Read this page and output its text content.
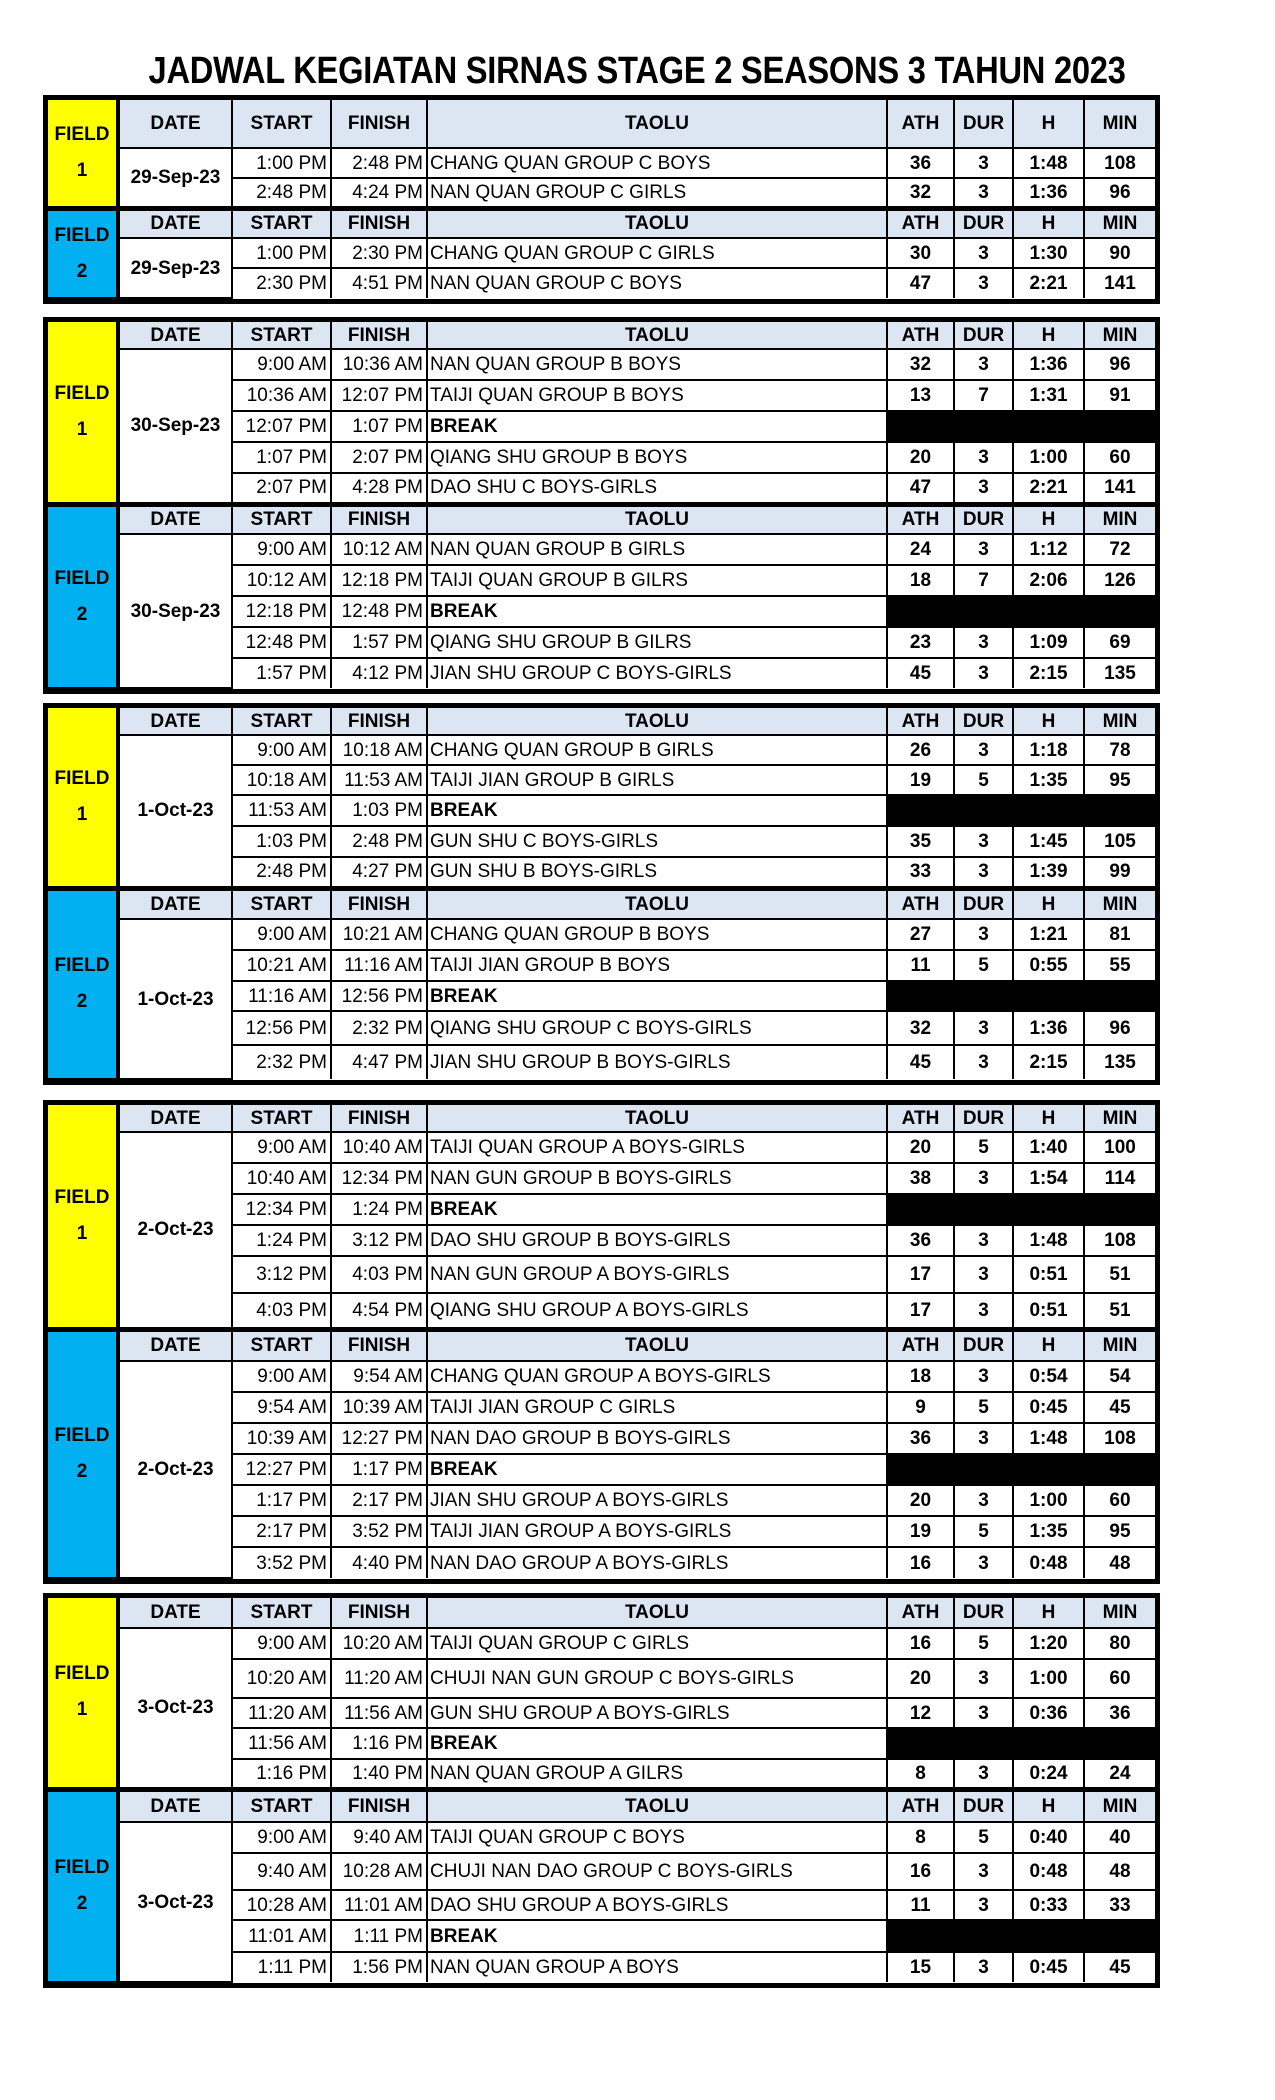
JADWAL KEGIATAN SIRNAS STAGE 2 SEASONS 3 TAHUN 2023
FIELD
1	DATE	START	FINISH	TAOLU	ATH	DUR	H	MIN
	29-Sep-23	1:00 PM	2:48 PM	CHANG QUAN GROUP C BOYS	36	3	1:48	108
		2:48 PM	4:24 PM	NAN QUAN GROUP C GIRLS	32	3	1:36	96

FIELD
2	DATE	START	FINISH	TAOLU	ATH	DUR	H	MIN
	29-Sep-23	1:00 PM	2:30 PM	CHANG QUAN GROUP C GIRLS	30	3	1:30	90
		2:30 PM	4:51 PM	NAN QUAN GROUP C BOYS	47	3	2:21	141
FIELD
1	DATE	START	FINISH	TAOLU	ATH	DUR	H	MIN
	30-Sep-23	9:00 AM	10:36 AM	NAN QUAN GROUP B BOYS	32	3	1:36	96
		10:36 AM	12:07 PM	TAIJI QUAN GROUP B BOYS	13	7	1:31	91
		12:07 PM	1:07 PM	BREAK				
		1:07 PM	2:07 PM	QIANG SHU GROUP B BOYS	20	3	1:00	60
		2:07 PM	4:28 PM	DAO SHU C BOYS-GIRLS	47	3	2:21	141

FIELD
2	DATE	START	FINISH	TAOLU	ATH	DUR	H	MIN
	30-Sep-23	9:00 AM	10:12 AM	NAN QUAN GROUP B GIRLS	24	3	1:12	72
		10:12 AM	12:18 PM	TAIJI QUAN GROUP B GILRS	18	7	2:06	126
		12:18 PM	12:48 PM	BREAK				
		12:48 PM	1:57 PM	QIANG SHU GROUP B GILRS	23	3	1:09	69
		1:57 PM	4:12 PM	JIAN SHU GROUP C BOYS-GIRLS	45	3	2:15	135
FIELD
1	DATE	START	FINISH	TAOLU	ATH	DUR	H	MIN
	1-Oct-23	9:00 AM	10:18 AM	CHANG QUAN GROUP B GIRLS	26	3	1:18	78
		10:18 AM	11:53 AM	TAIJI JIAN GROUP B GIRLS	19	5	1:35	95
		11:53 AM	1:03 PM	BREAK				
		1:03 PM	2:48 PM	GUN SHU C BOYS-GIRLS	35	3	1:45	105
		2:48 PM	4:27 PM	GUN SHU B BOYS-GIRLS	33	3	1:39	99

FIELD
2	DATE	START	FINISH	TAOLU	ATH	DUR	H	MIN
	1-Oct-23	9:00 AM	10:21 AM	CHANG QUAN GROUP B BOYS	27	3	1:21	81
		10:21 AM	11:16 AM	TAIJI JIAN GROUP B BOYS	11	5	0:55	55
		11:16 AM	12:56 PM	BREAK				
		12:56 PM	2:32 PM	QIANG SHU GROUP C BOYS-GIRLS	32	3	1:36	96
		2:32 PM	4:47 PM	JIAN SHU GROUP B BOYS-GIRLS	45	3	2:15	135
FIELD
1	DATE	START	FINISH	TAOLU	ATH	DUR	H	MIN
	2-Oct-23	9:00 AM	10:40 AM	TAIJI QUAN GROUP A BOYS-GIRLS	20	5	1:40	100
		10:40 AM	12:34 PM	NAN GUN GROUP B BOYS-GIRLS	38	3	1:54	114
		12:34 PM	1:24 PM	BREAK				
		1:24 PM	3:12 PM	DAO SHU GROUP B BOYS-GIRLS	36	3	1:48	108
		3:12 PM	4:03 PM	NAN GUN GROUP A BOYS-GIRLS	17	3	0:51	51
		4:03 PM	4:54 PM	QIANG SHU GROUP A BOYS-GIRLS	17	3	0:51	51

FIELD
2	DATE	START	FINISH	TAOLU	ATH	DUR	H	MIN
	2-Oct-23	9:00 AM	9:54 AM	CHANG QUAN GROUP A BOYS-GIRLS	18	3	0:54	54
		9:54 AM	10:39 AM	TAIJI JIAN GROUP C GIRLS	9	5	0:45	45
		10:39 AM	12:27 PM	NAN DAO GROUP B BOYS-GIRLS	36	3	1:48	108
		12:27 PM	1:17 PM	BREAK				
		1:17 PM	2:17 PM	JIAN SHU GROUP A BOYS-GIRLS	20	3	1:00	60
		2:17 PM	3:52 PM	TAIJI JIAN GROUP A BOYS-GIRLS	19	5	1:35	95
		3:52 PM	4:40 PM	NAN DAO GROUP A BOYS-GIRLS	16	3	0:48	48
FIELD
1	DATE	START	FINISH	TAOLU	ATH	DUR	H	MIN
	3-Oct-23	9:00 AM	10:20 AM	TAIJI QUAN GROUP C GIRLS	16	5	1:20	80
		10:20 AM	11:20 AM	CHUJI NAN GUN GROUP C BOYS-GIRLS	20	3	1:00	60
		11:20 AM	11:56 AM	GUN SHU GROUP A BOYS-GIRLS	12	3	0:36	36
		11:56 AM	1:16 PM	BREAK				
		1:16 PM	1:40 PM	NAN QUAN GROUP A GILRS	8	3	0:24	24

FIELD
2	DATE	START	FINISH	TAOLU	ATH	DUR	H	MIN
	3-Oct-23	9:00 AM	9:40 AM	TAIJI QUAN GROUP C BOYS	8	5	0:40	40
		9:40 AM	10:28 AM	CHUJI NAN DAO GROUP C BOYS-GIRLS	16	3	0:48	48
		10:28 AM	11:01 AM	DAO SHU GROUP A BOYS-GIRLS	11	3	0:33	33
		11:01 AM	1:11 PM	BREAK				
		1:11 PM	1:56 PM	NAN QUAN GROUP A BOYS	15	3	0:45	45
